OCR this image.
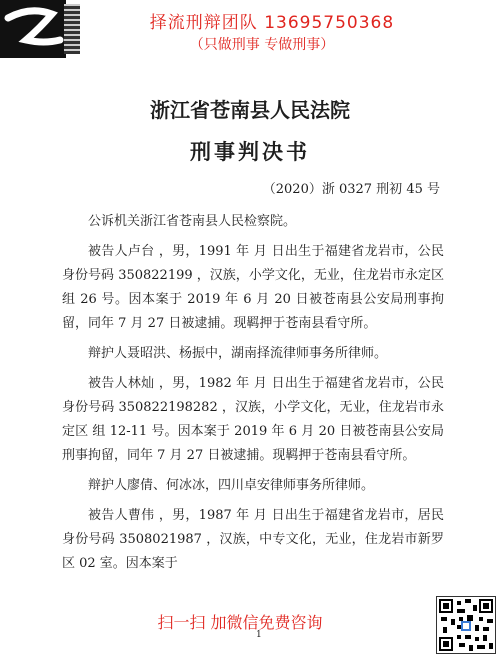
择流刑辩团队 13695750368
（只做刑事 专做刑事）
浙江省苍南县人民法院
刑事判决书
（2020）浙 0327 刑初 45 号

公诉机关浙江省苍南县人民检察院。

被告人卢台 ，男，1991 年 月 日出生于福建省龙岩市，公民身份号码 350822199 ，汉族，小学文化，无业，住龙岩市永定区 组 26 号。因本案于 2019 年 6 月 20 日被苍南县公安局刑事拘留，同年 7 月 27 日被逮捕。现羁押于苍南县看守所。

辩护人聂昭洪、杨振中，湖南择流律师事务所律师。

被告人林灿 ，男，1982 年 月 日出生于福建省龙岩市，公民身份号码 350822198282 ，汉族，小学文化，无业，住龙岩市永定区 组 12-11 号。因本案于 2019 年 6 月 20 日被苍南县公安局刑事拘留，同年 7 月 27 日被逮捕。现羁押于苍南县看守所。

辩护人廖倩、何冰冰，四川卓安律师事务所律师。

被告人曹伟 ，男，1987 年 月 日出生于福建省龙岩市，居民身份号码 3508021987 ，汉族，中专文化，无业，住龙岩市新罗区 02 室。因本案于

扫一扫 加微信免费咨询
1
